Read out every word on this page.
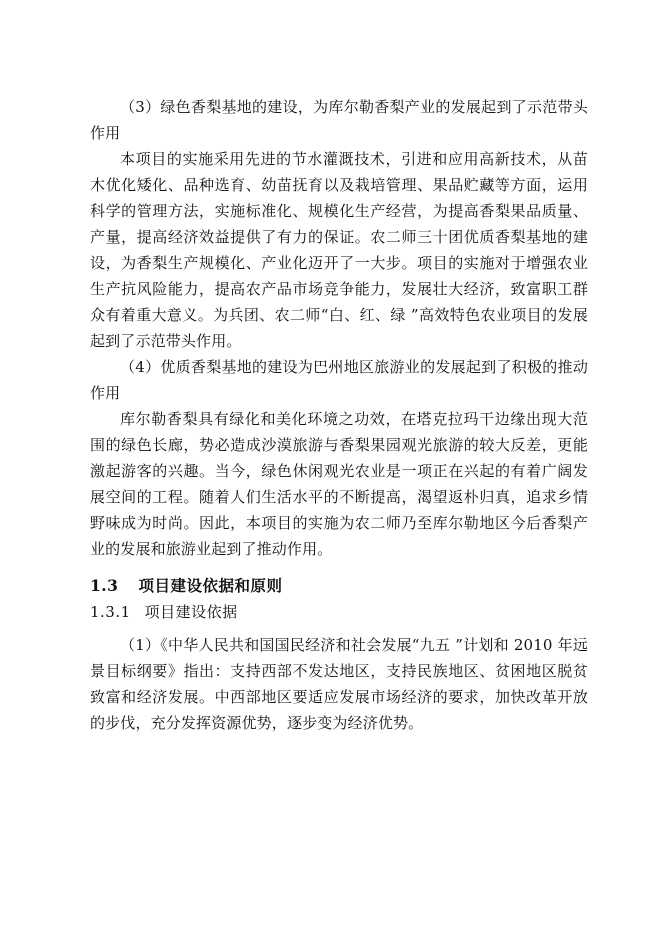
（3）绿色香梨基地的建设，为库尔勒香梨产业的发展起到了示范带头作用

本项目的实施采用先进的节水灌溉技术，引进和应用高新技术，从苗木优化矮化、品种选育、幼苗抚育以及栽培管理、果品贮藏等方面，运用科学的管理方法，实施标准化、规模化生产经营，为提高香梨果品质量、产量，提高经济效益提供了有力的保证。农二师三十团优质香梨基地的建设，为香梨生产规模化、产业化迈开了一大步。项目的实施对于增强农业生产抗风险能力，提高农产品市场竞争能力，发展壮大经济，致富职工群众有着重大意义。为兵团、农二师“白、红、绿 ”高效特色农业项目的发展起到了示范带头作用。

（4）优质香梨基地的建设为巴州地区旅游业的发展起到了积极的推动作用

库尔勒香梨具有绿化和美化环境之功效，在塔克拉玛干边缘出现大范围的绿色长廊，势必造成沙漠旅游与香梨果园观光旅游的较大反差，更能激起游客的兴趣。当今，绿色休闲观光农业是一项正在兴起的有着广阔发展空间的工程。随着人们生活水平的不断提高，渴望返朴归真，追求乡情野味成为时尚。因此，本项目的实施为农二师乃至库尔勒地区今后香梨产业的发展和旅游业起到了推动作用。

1.3 项目建设依据和原则

1.3.1 项目建设依据

（1）《中华人民共和国国民经济和社会发展“九五 ”计划和 2010 年远景目标纲要》指出：支持西部不发达地区，支持民族地区、贫困地区脱贫致富和经济发展。中西部地区要适应发展市场经济的要求，加快改革开放的步伐，充分发挥资源优势，逐步变为经济优势。
